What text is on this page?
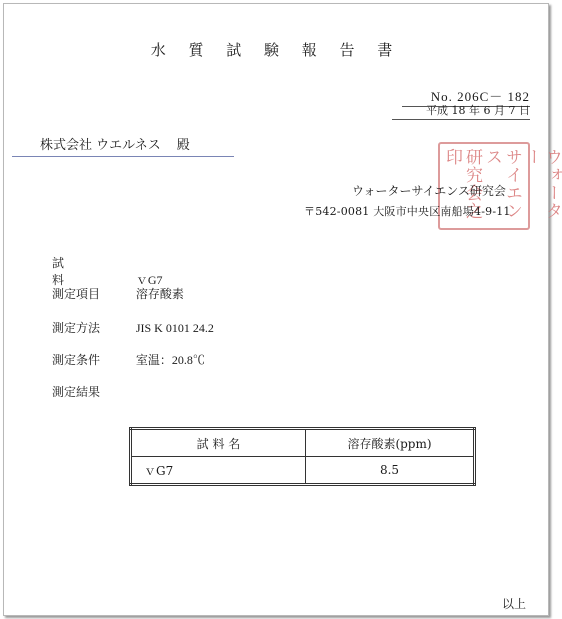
水 質 試 験 報 告 書
No. 206C－ 182
平成 18 年 6 月 7 日
株式会社 ウエルネス 殿
ウォーター
サイエンス
研究会之印
ウォーターサイエンス研究会
〒542-0081 大阪市中央区南船場4-9-11
試 料	ｖG7
測定項目	溶存酸素
測定方法	JIS K 0101 24.2
測定条件	室温：20.8℃
測定結果
試 料 名	溶存酸素(ppm)
ｖG7	8.5
以上
